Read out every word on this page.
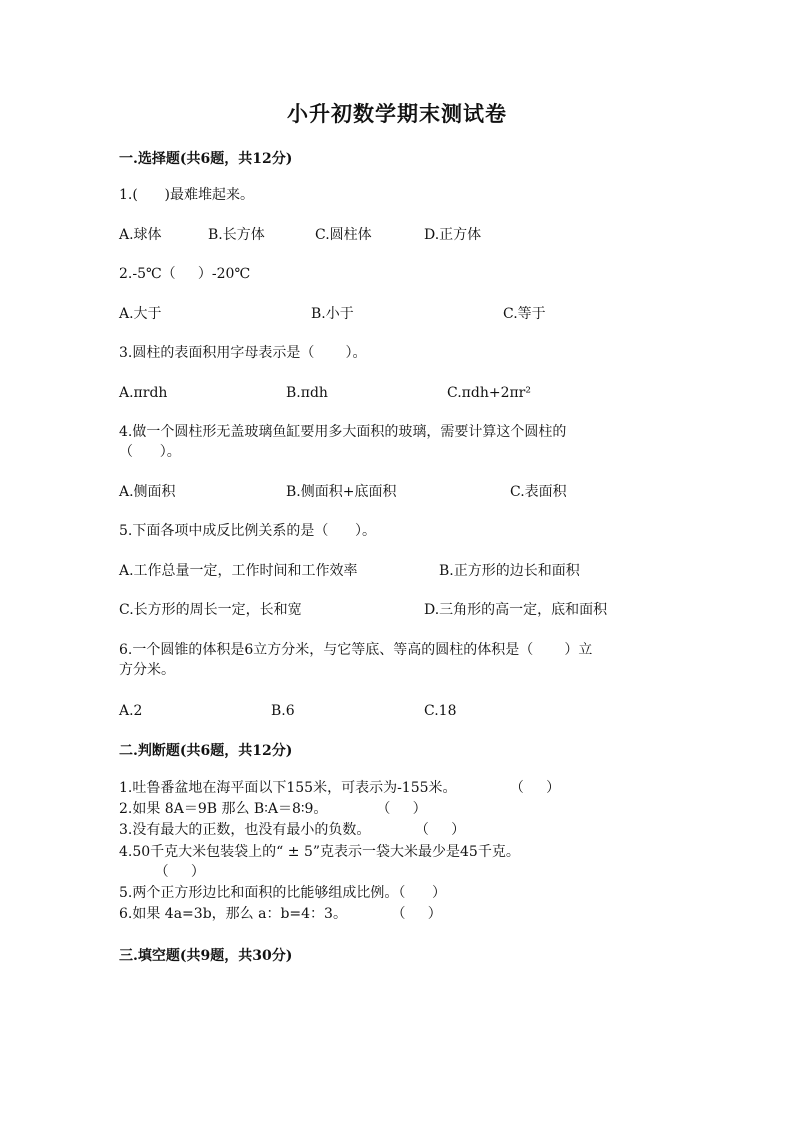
小升初数学期末测试卷
一.选择题(共6题，共12分)
1.(      )最难堆起来。
A.球体	B.长方体	C.圆柱体	D.正方体
2.-5℃（     ）-20℃
A.大于	B.小于	C.等于
3.圆柱的表面积用字母表示是（       ）。
A.πrdh	B.πdh	C.πdh+2πr²
4.做一个圆柱形无盖玻璃鱼缸要用多大面积的玻璃，需要计算这个圆柱的
（      ）。
A.侧面积	B.侧面积+底面积	C.表面积
5.下面各项中成反比例关系的是（      ）。
A.工作总量一定，工作时间和工作效率	B.正方形的边长和面积
C.长方形的周长一定，长和宽	D.三角形的高一定，底和面积
6.一个圆锥的体积是6立方分米，与它等底、等高的圆柱的体积是（       ）立
方分米。
A.2	B.6	C.18
二.判断题(共6题，共12分)
1.吐鲁番盆地在海平面以下155米，可表示为-155米。            （     ）
2.如果 8A＝9B 那么 B∶A＝8∶9。           （     ）
3.没有最大的正数，也没有最小的负数。          （     ）
4.50千克大米包装袋上的“ ± 5”克表示一袋大米最少是45千克。
（     ）
5.两个正方形边比和面积的比能够组成比例。（      ）
6.如果 4a=3b，那么 a：b=4：3。          （     ）
三.填空题(共9题，共30分)
